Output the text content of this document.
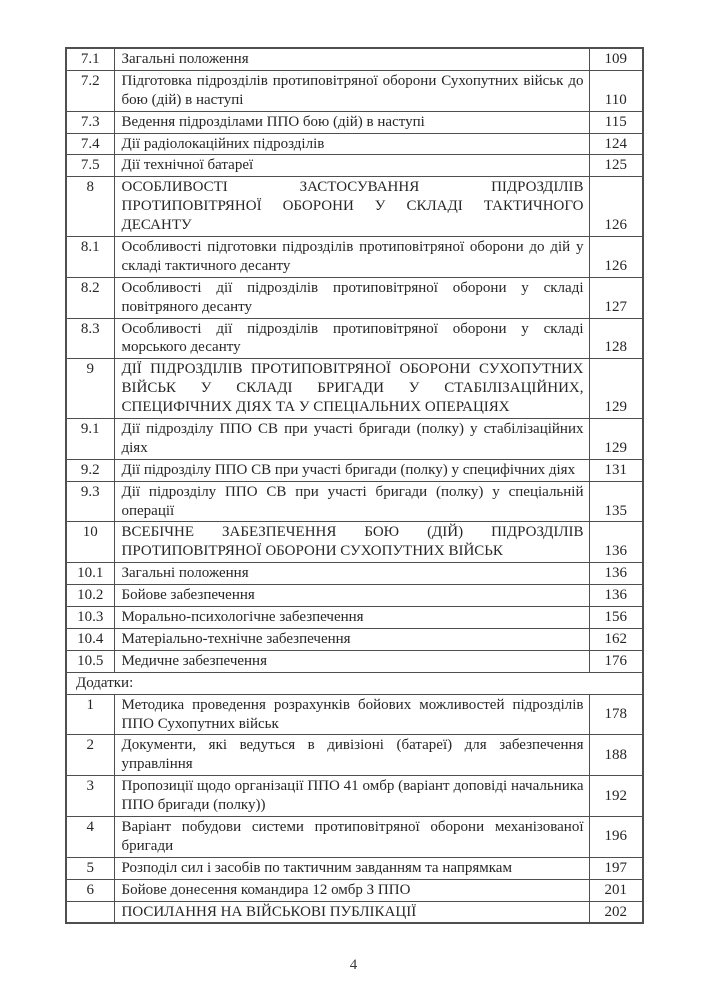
7.1	Загальні положення	109
7.2	Підготовка підрозділів протиповітряної оборони Сухопутних військ до бою (дій) в наступі	110
7.3	Ведення підрозділами ППО бою (дій) в наступі	115
7.4	Дії радіолокаційних підрозділів	124
7.5	Дії технічної батареї	125
8	ОСОБЛИВОСТІ ЗАСТОСУВАННЯ ПІДРОЗДІЛІВ ПРОТИПОВІТРЯНОЇ ОБОРОНИ У СКЛАДІ ТАКТИЧНОГО ДЕСАНТУ	126
8.1	Особливості підготовки підрозділів протиповітряної оборони до дій у складі тактичного десанту	126
8.2	Особливості дії підрозділів протиповітряної оборони у складі повітряного десанту	127
8.3	Особливості дії підрозділів протиповітряної оборони у складі морського десанту	128
9	ДІЇ ПІДРОЗДІЛІВ ПРОТИПОВІТРЯНОЇ ОБОРОНИ СУХОПУТНИХ ВІЙСЬК У СКЛАДІ БРИГАДИ У СТАБІЛІЗАЦІЙНИХ, СПЕЦИФІЧНИХ ДІЯХ ТА У СПЕЦІАЛЬНИХ ОПЕРАЦІЯХ	129
9.1	Дії підрозділу ППО СВ при участі бригади (полку) у стабілізаційних діях	129
9.2	Дії підрозділу ППО СВ при участі бригади (полку) у специфічних діях	131
9.3	Дії підрозділу ППО СВ при участі бригади (полку) у спеціальній операції	135
10	ВСЕБІЧНЕ ЗАБЕЗПЕЧЕННЯ БОЮ (ДІЙ) ПІДРОЗДІЛІВ ПРОТИПОВІТРЯНОЇ ОБОРОНИ СУХОПУТНИХ ВІЙСЬК	136
10.1	Загальні положення	136
10.2	Бойове забезпечення	136
10.3	Морально-психологічне забезпечення	156
10.4	Матеріально-технічне забезпечення	162
10.5	Медичне забезпечення	176
Додатки:		
1	Методика проведення розрахунків бойових можливостей підрозділів ППО Сухопутних військ	178
2	Документи, які ведуться в дивізіоні (батареї) для забезпечення управління	188
3	Пропозиції щодо організації ППО 41 омбр (варіант доповіді начальника ППО бригади (полку))	192
4	Варіант побудови системи протиповітряної оборони механізованої бригади	196
5	Розподіл сил і засобів по тактичним завданням та напрямкам	197
6	Бойове донесення командира 12 омбр З ППО	201
	ПОСИЛАННЯ НА ВІЙСЬКОВІ ПУБЛІКАЦІЇ	202
4
